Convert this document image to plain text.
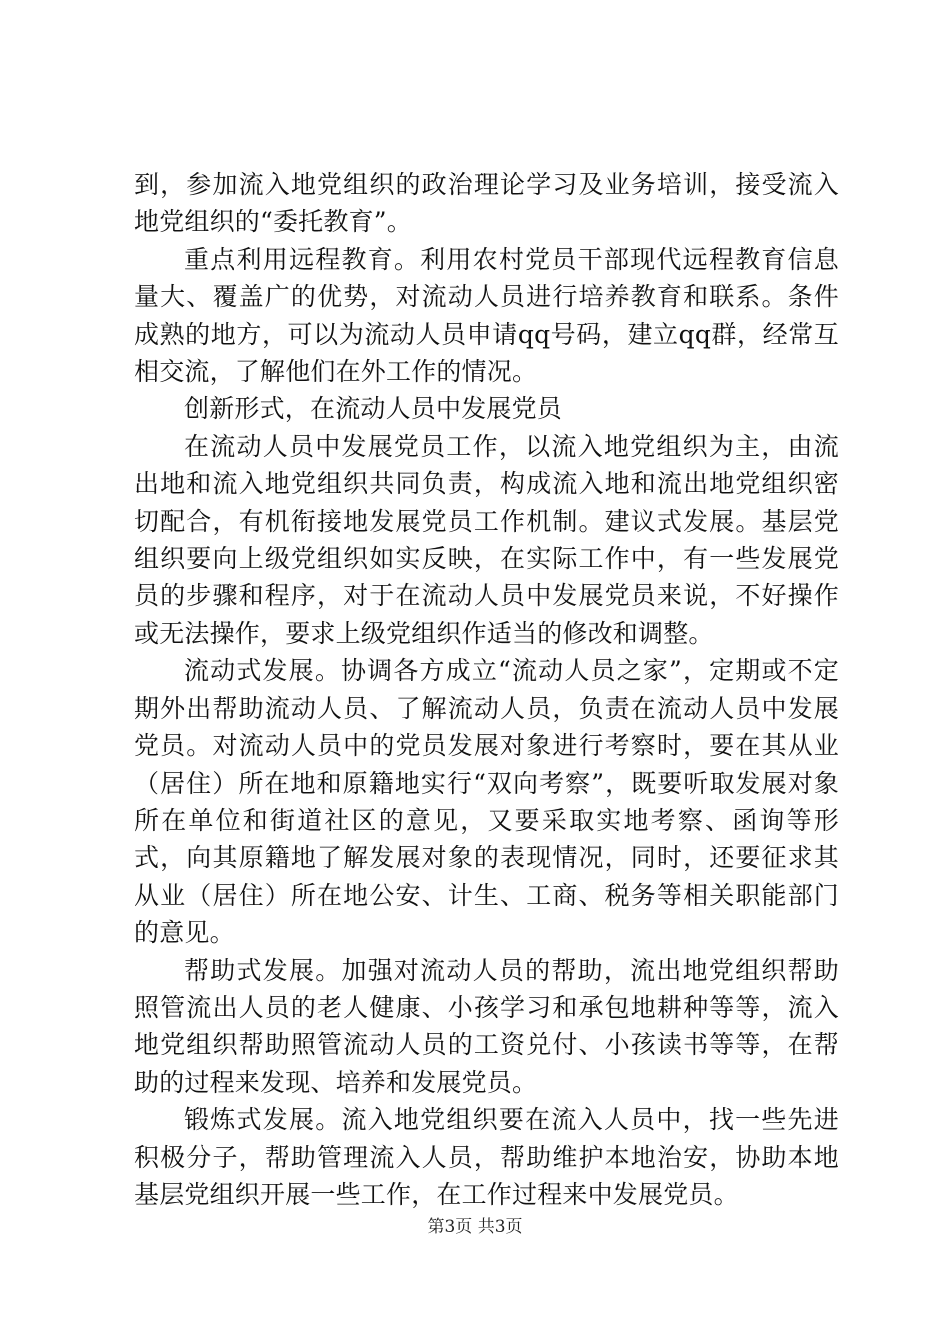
到，参加流入地党组织的政治理论学习及业务培训，接受流入地党组织的“委托教育”。

重点利用远程教育。利用农村党员干部现代远程教育信息量大、覆盖广的优势，对流动人员进行培养教育和联系。条件成熟的地方，可以为流动人员申请qq号码，建立qq群，经常互相交流，了解他们在外工作的情况。

创新形式，在流动人员中发展党员

在流动人员中发展党员工作，以流入地党组织为主，由流出地和流入地党组织共同负责，构成流入地和流出地党组织密切配合，有机衔接地发展党员工作机制。建议式发展。基层党组织要向上级党组织如实反映，在实际工作中，有一些发展党员的步骤和程序，对于在流动人员中发展党员来说，不好操作或无法操作，要求上级党组织作适当的修改和调整。

流动式发展。协调各方成立“流动人员之家”，定期或不定期外出帮助流动人员、了解流动人员，负责在流动人员中发展党员。对流动人员中的党员发展对象进行考察时，要在其从业（居住）所在地和原籍地实行“双向考察”，既要听取发展对象所在单位和街道社区的意见，又要采取实地考察、函询等形式，向其原籍地了解发展对象的表现情况，同时，还要征求其从业（居住）所在地公安、计生、工商、税务等相关职能部门的意见。

帮助式发展。加强对流动人员的帮助，流出地党组织帮助照管流出人员的老人健康、小孩学习和承包地耕种等等，流入地党组织帮助照管流动人员的工资兑付、小孩读书等等，在帮助的过程来发现、培养和发展党员。

锻炼式发展。流入地党组织要在流入人员中，找一些先进积极分子，帮助管理流入人员，帮助维护本地治安，协助本地基层党组织开展一些工作，在工作过程来中发展党员。

第3页 共3页
